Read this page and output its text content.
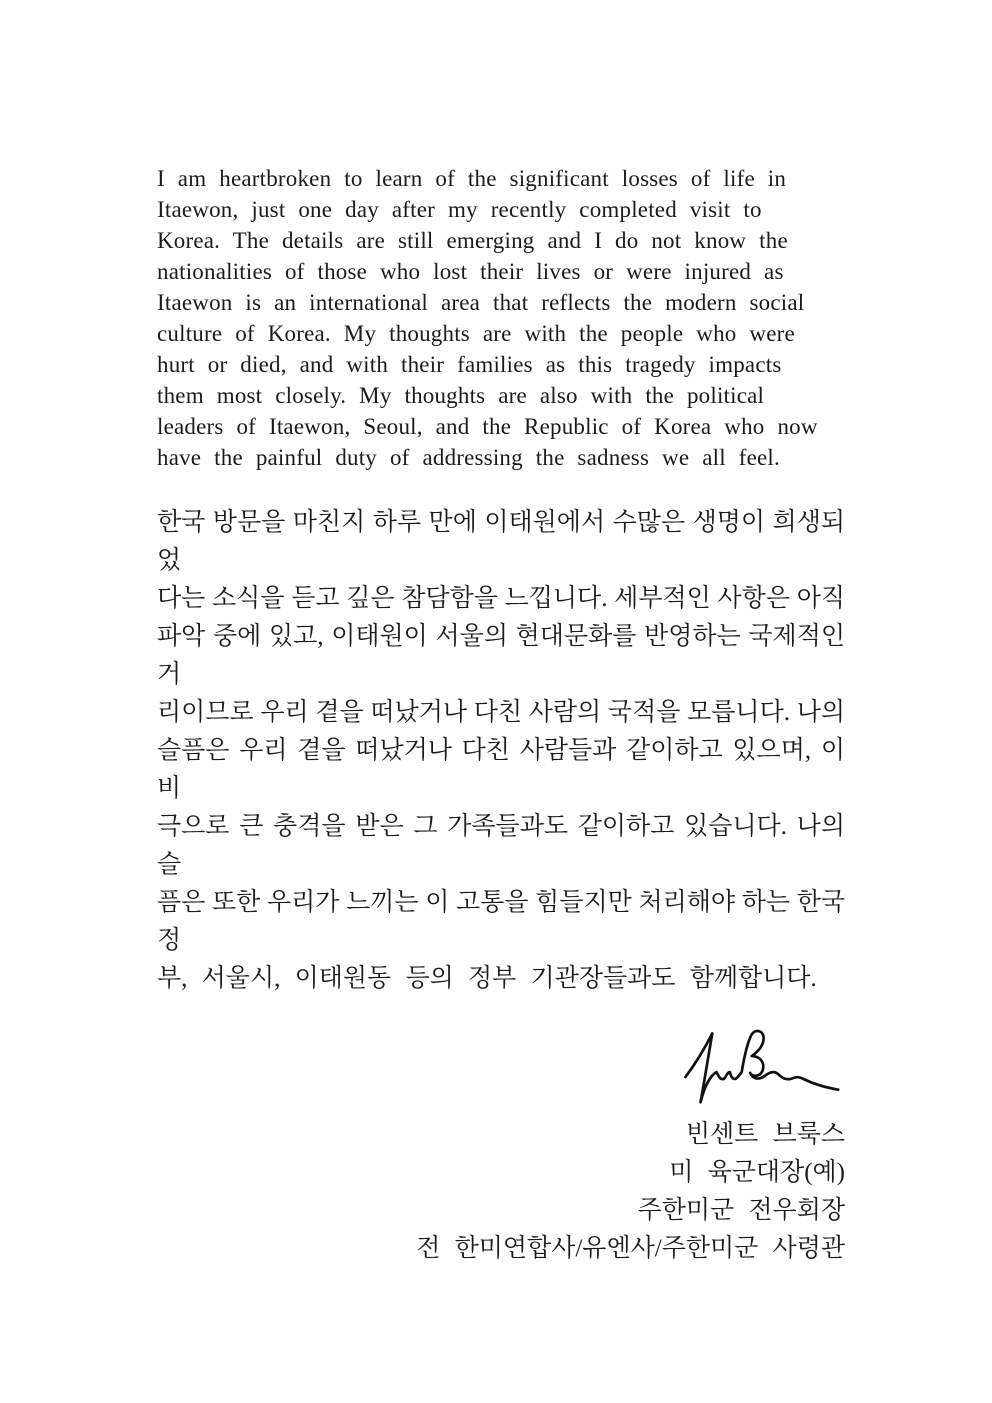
I am heartbroken to learn of the significant losses of life in
Itaewon, just one day after my recently completed visit to
Korea. The details are still emerging and I do not know the
nationalities of those who lost their lives or were injured as
Itaewon is an international area that reflects the modern social
culture of Korea. My thoughts are with the people who were
hurt or died, and with their families as this tragedy impacts
them most closely. My thoughts are also with the political
leaders of Itaewon, Seoul, and the Republic of Korea who now
have the painful duty of addressing the sadness we all feel.
한국 방문을 마친지 하루 만에 이태원에서 수많은 생명이 희생되었
다는 소식을 듣고 깊은 참담함을 느낍니다. 세부적인 사항은 아직
파악 중에 있고, 이태원이 서울의 현대문화를 반영하는 국제적인 거
리이므로 우리 곁을 떠났거나 다친 사람의 국적을 모릅니다. 나의
슬픔은 우리 곁을 떠났거나 다친 사람들과 같이하고 있으며, 이 비
극으로 큰 충격을 받은 그 가족들과도 같이하고 있습니다. 나의 슬
픔은 또한 우리가 느끼는 이 고통을 힘들지만 처리해야 하는 한국정
부, 서울시, 이태원동 등의 정부 기관장들과도 함께합니다.
빈센트 브룩스
미 육군대장(예)
주한미군 전우회장
전 한미연합사/유엔사/주한미군 사령관
